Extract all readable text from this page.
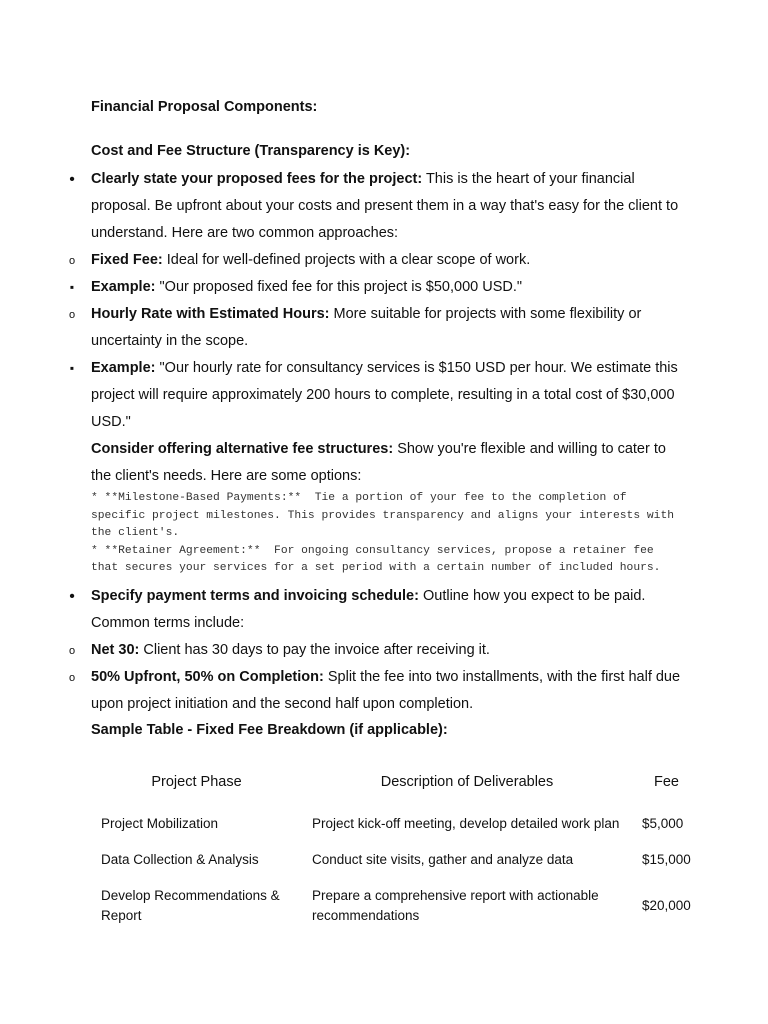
Financial Proposal Components:
Cost and Fee Structure (Transparency is Key):
•
Clearly state your proposed fees for the project: This is the heart of your financial proposal. Be upfront about your costs and present them in a way that's easy for the client to understand. Here are two common approaches:
o
Fixed Fee: Ideal for well-defined projects with a clear scope of work.
▪
Example: "Our proposed fixed fee for this project is $50,000 USD."
o
Hourly Rate with Estimated Hours: More suitable for projects with some flexibility or uncertainty in the scope.
▪
Example: "Our hourly rate for consultancy services is $150 USD per hour. We estimate this project will require approximately 200 hours to complete, resulting in a total cost of $30,000 USD."

Consider offering alternative fee structures: Show you're flexible and willing to cater to the client's needs. Here are some options:

* **Milestone-Based Payments:**  Tie a portion of your fee to the completion of specific project milestones. This provides transparency and aligns your interests with the client's.
* **Retainer Agreement:**  For ongoing consultancy services, propose a retainer fee that secures your services for a set period with a certain number of included hours.
•
Specify payment terms and invoicing schedule: Outline how you expect to be paid. Common terms include:
o
Net 30: Client has 30 days to pay the invoice after receiving it.
o
50% Upfront, 50% on Completion: Split the fee into two installments, with the first half due upon project initiation and the second half upon completion.
Sample Table - Fixed Fee Breakdown (if applicable):
Project Phase	Description of Deliverables	Fee
Project Mobilization	Project kick-off meeting, develop detailed work plan	$5,000
Data Collection & Analysis	Conduct site visits, gather and analyze data	$15,000
Develop Recommendations & Report	Prepare a comprehensive report with actionable recommendations	$20,000
